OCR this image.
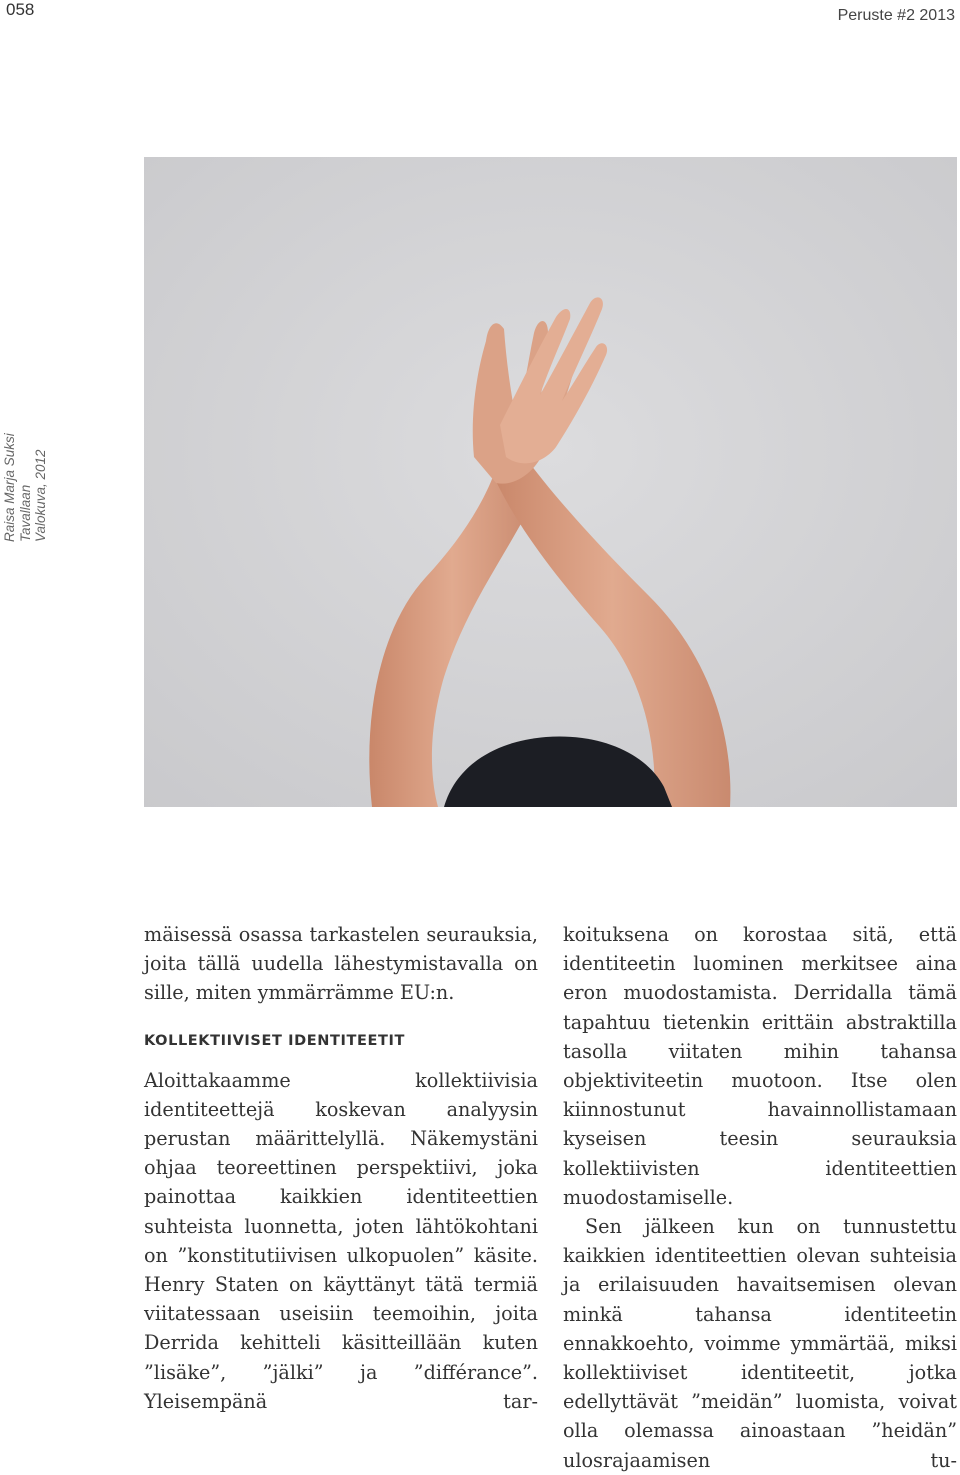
058	Peruste #2 2013
Raisa Marja Suksi Tavallaan Valokuva, 2012

mäisessä osassa tarkastelen seurauksia, joita tällä uudella lähestymistavalla on sille, miten ymmärrämme EU:n.

KOLLEKTIIVISET IDENTITEETIT

Aloittakaamme kollektiivisia identiteettejä koskevan analyysin perustan määrittelyllä. Näkemystäni ohjaa teoreettinen perspektiivi, joka painottaa kaikkien identiteettien suhteista luonnetta, joten lähtökohtani on ”konstitutiivisen ulkopuolen” käsite. Henry Staten on käyttänyt tätä termiä viitatessaan useisiin teemoihin, joita Derrida kehitteli käsitteillään kuten ”lisäke”, ”jälki” ja ”différance”. Yleisempänä tar-

koituksena on korostaa sitä, että identiteetin luominen merkitsee aina eron muodostamista. Derridalla tämä tapahtuu tietenkin erittäin abstraktilla tasolla viitaten mihin tahansa objektiviteetin muotoon. Itse olen kiinnostunut havainnollistamaan kyseisen teesin seurauksia kollektiivisten identiteettien muodostamiselle.

Sen jälkeen kun on tunnustettu kaikkien identiteettien olevan suhteisia ja erilaisuuden havaitsemisen olevan minkä tahansa identiteetin ennakkoehto, voimme ymmärtää, miksi kollektiiviset identiteetit, jotka edellyttävät ”meidän” luomista, voivat olla olemassa ainoastaan ”heidän” ulosrajaamisen tu-
